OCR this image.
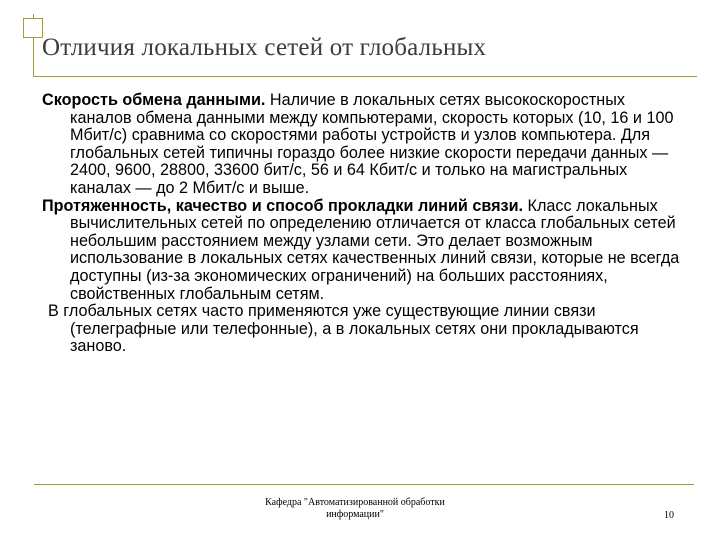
Отличия локальных сетей от глобальных

Скорость обмена данными. Наличие в локальных сетях высокоскоростных каналов обмена данными между компьютерами, скорость которых (10, 16 и 100 Мбит/с) сравнима со скоростями работы устройств и узлов компьютера. Для глобальных сетей типичны гораздо более низкие скорости передачи данных — 2400, 9600, 28800, 33600 бит/с, 56 и 64 Кбит/с и только на магистральных каналах — до 2 Мбит/с и выше.

Протяженность, качество и способ прокладки линий связи. Класс локальных вычислительных сетей по определению отличается от класса глобальных сетей небольшим расстоянием между узлами сети. Это делает возможным использование в локальных сетях качественных линий связи, которые не всегда доступны (из-за экономических ограничений) на больших расстояниях, свойственных глобальным сетям.

В глобальных сетях часто применяются уже существующие линии связи (телеграфные или телефонные), а в локальных сетях они прокладываются заново.

Кафедра "Автоматизированной обработки
информации"	10
